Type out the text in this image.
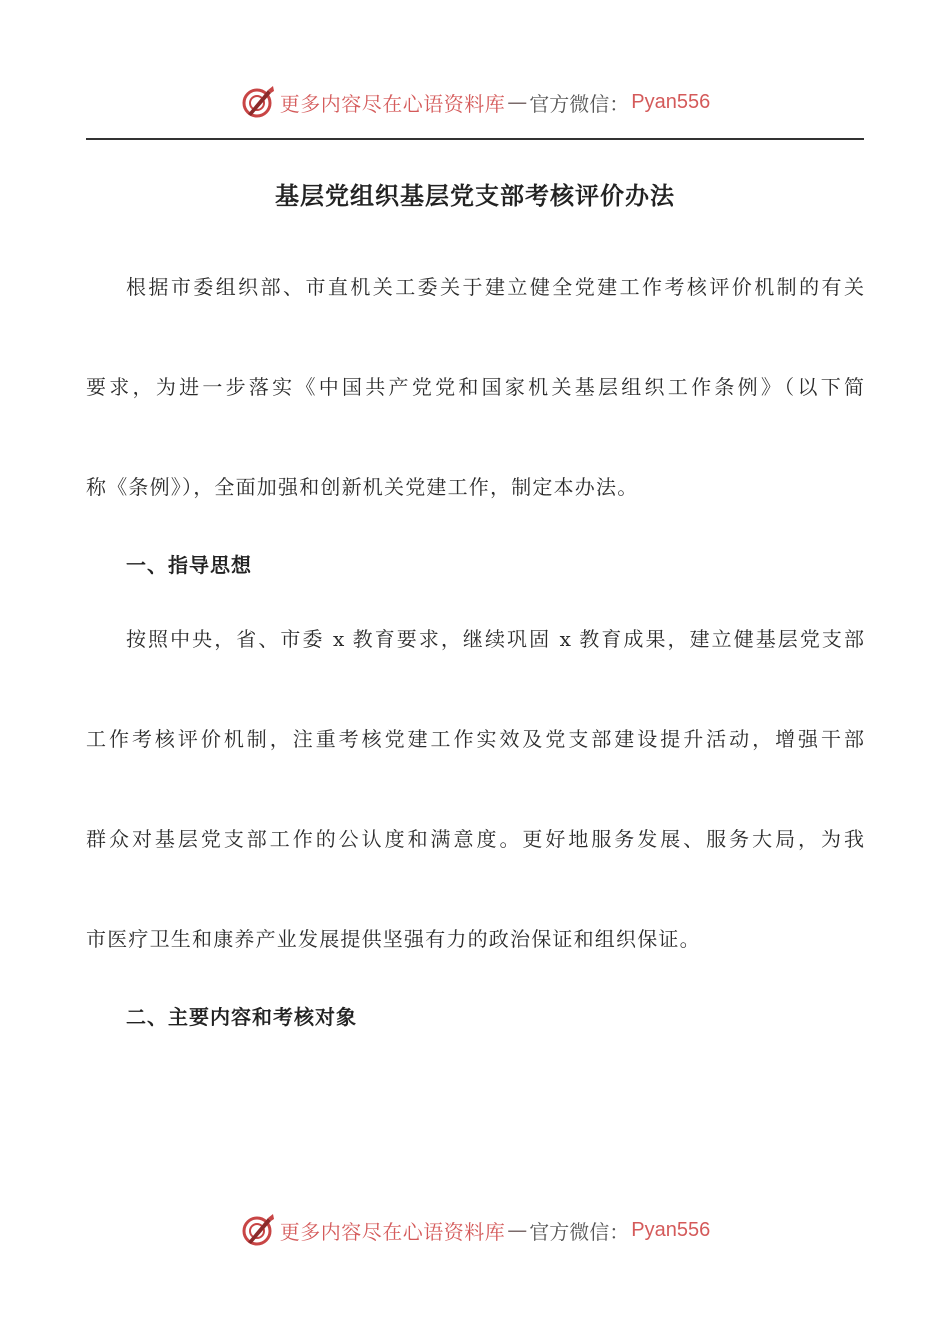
更多内容尽在心语资料库 — 官方微信： Pyan556
基层党组织基层党支部考核评价办法
根据市委组织部、市直机关工委关于建立健全党建工作考核评价机制的有关
要求，为进一步落实《中国共产党党和国家机关基层组织工作条例》（以下简
称《条例》），全面加强和创新机关党建工作，制定本办法。
一、指导思想
按照中央，省、市委 x 教育要求，继续巩固 x 教育成果，建立健基层党支部
工作考核评价机制，注重考核党建工作实效及党支部建设提升活动，增强干部
群众对基层党支部工作的公认度和满意度。更好地服务发展、服务大局，为我
市医疗卫生和康养产业发展提供坚强有力的政治保证和组织保证。
二、主要内容和考核对象
更多内容尽在心语资料库 — 官方微信： Pyan556
